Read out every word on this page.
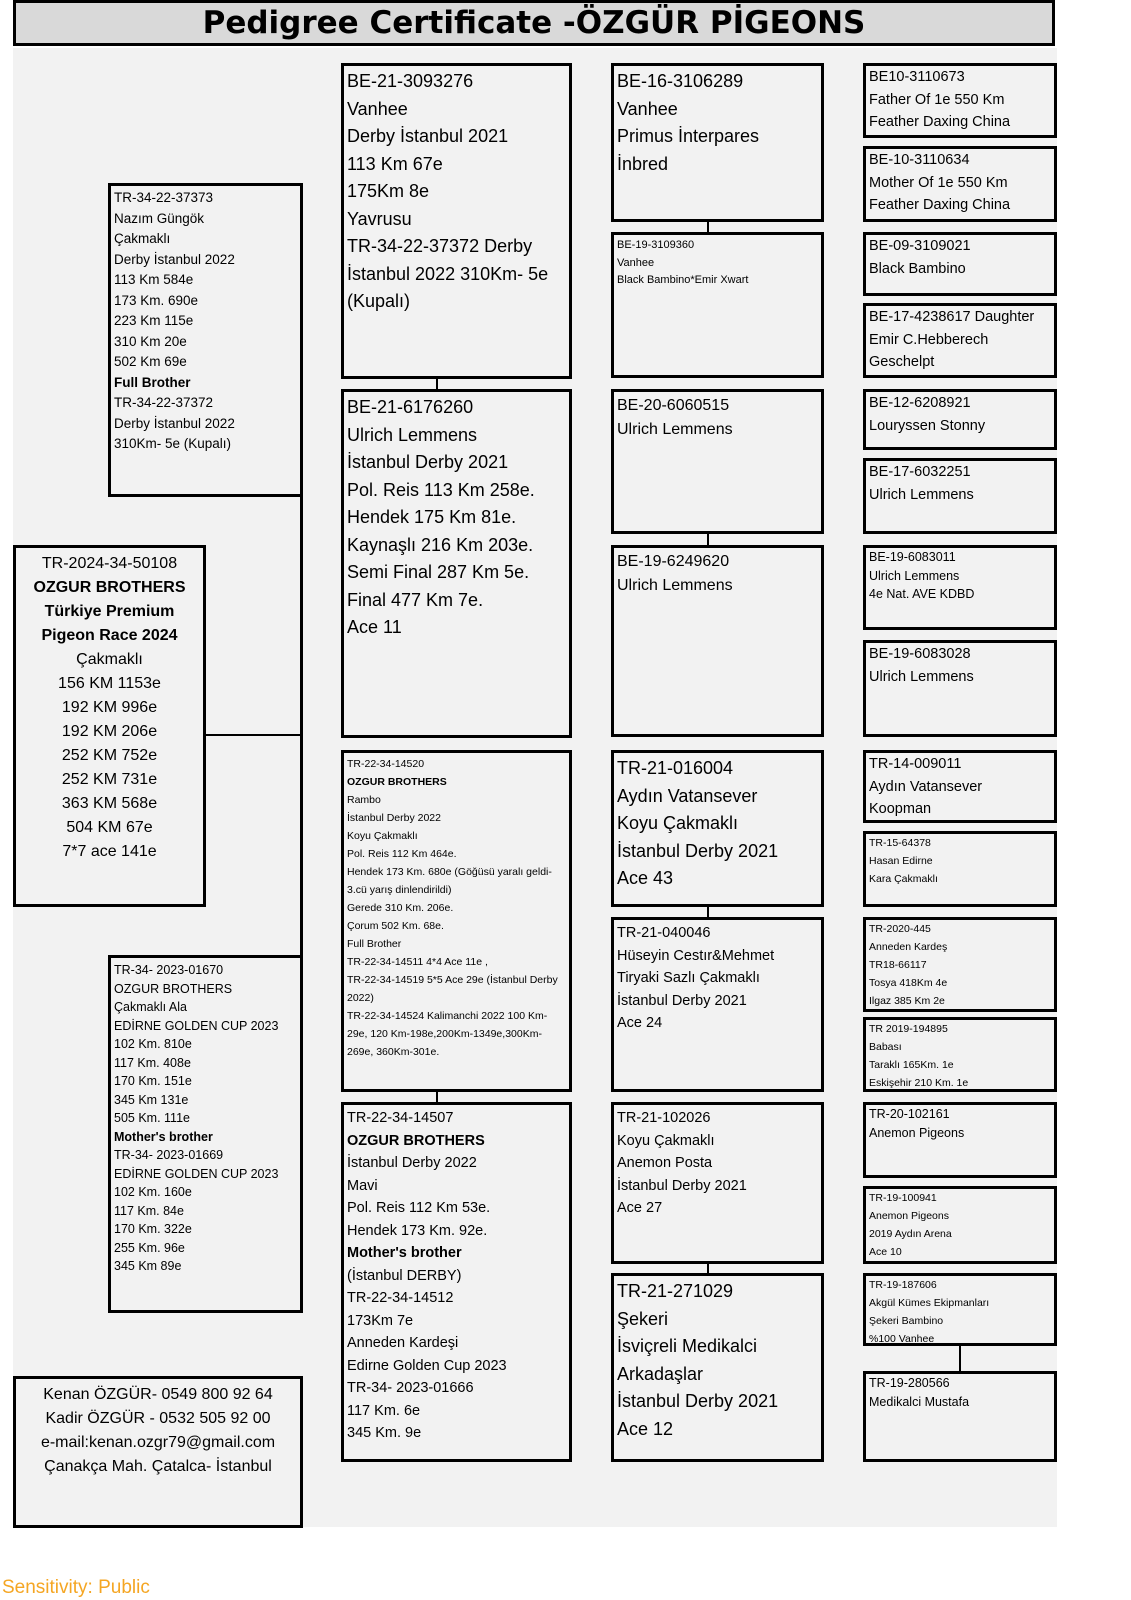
Pedigree Certificate -ÖZGÜR PİGEONS
TR-2024-34-50108
OZGUR BROTHERS
Türkiye Premium
Pigeon Race 2024
Çakmaklı
156 KM 1153e
192 KM 996e
192 KM 206e
252 KM 752e
252 KM 731e
363 KM 568e
504 KM 67e
7*7 ace 141e
TR-34-22-37373
Nazım Güngök
Çakmaklı
Derby İstanbul 2022
113 Km 584e
173 Km. 690e
223 Km 115e
310 Km 20e
502 Km 69e
Full Brother
TR-34-22-37372
Derby İstanbul 2022
310Km- 5e (Kupalı)
TR-34- 2023-01670
OZGUR BROTHERS
Çakmaklı Ala
EDİRNE GOLDEN CUP 2023
102 Km. 810e
117 Km. 408e
170 Km. 151e
345 Km 131e
505 Km. 111e
Mother's brother
TR-34- 2023-01669
EDİRNE GOLDEN CUP 2023
102 Km. 160e
117 Km. 84e
170 Km. 322e
255 Km. 96e
345 Km 89e
Kenan ÖZGÜR- 0549 800 92 64
Kadir ÖZGÜR - 0532 505 92 00
e-mail:kenan.ozgr79@gmail.com
Çanakça Mah. Çatalca- İstanbul
BE-21-3093276
Vanhee
Derby İstanbul 2021
113 Km 67e
175Km 8e
Yavrusu
TR-34-22-37372 Derby İstanbul 2022 310Km- 5e (Kupalı)
BE-21-6176260
Ulrich Lemmens
İstanbul Derby 2021
Pol. Reis 113 Km 258e.
Hendek 175 Km 81e.
Kaynaşlı 216 Km 203e.
Semi Final 287 Km 5e.
Final 477 Km 7e.
Ace 11
TR-22-34-14520
OZGUR BROTHERS
Rambo
İstanbul Derby 2022
Koyu Çakmaklı
Pol. Reis 112 Km 464e.
Hendek 173 Km. 680e (Göğüsü yaralı geldi-3.cü yarış dinlendirildi)
Gerede 310 Km. 206e.
Çorum 502 Km. 68e.
Full Brother
TR-22-34-14511 4*4 Ace 11e ,
TR-22-34-14519 5*5 Ace 29e (İstanbul Derby 2022)
TR-22-34-14524 Kalimanchi 2022 100 Km-29e, 120 Km-198e,200Km-1349e,300Km-269e, 360Km-301e.
TR-22-34-14507
OZGUR BROTHERS
İstanbul Derby 2022
Mavi
Pol. Reis 112 Km 53e.
Hendek 173 Km. 92e.
Mother's brother
(İstanbul DERBY)
TR-22-34-14512
173Km 7e
Anneden Kardeşi
Edirne Golden Cup 2023
TR-34- 2023-01666
117 Km. 6e
345 Km. 9e
BE-16-3106289
Vanhee
Primus İnterpares
İnbred
BE-19-3109360
Vanhee
Black Bambino*Emir Xwart
BE-20-6060515
Ulrich Lemmens
BE-19-6249620
Ulrich Lemmens
TR-21-016004
Aydın Vatansever
Koyu Çakmaklı
İstanbul Derby 2021
Ace 43
TR-21-040046
Hüseyin Cestır&Mehmet Tiryaki Sazlı Çakmaklı
İstanbul Derby 2021
Ace 24
TR-21-102026
Koyu Çakmaklı
Anemon Posta
İstanbul Derby 2021
Ace 27
TR-21-271029
Şekeri
İsviçreli Medikalci
Arkadaşlar
İstanbul Derby 2021
Ace 12
BE10-3110673
Father Of 1e 550 Km
Feather Daxing China
BE-10-3110634
Mother Of 1e 550 Km
Feather Daxing China
BE-09-3109021
Black Bambino
BE-17-4238617 Daughter Emir C.Hebberech Geschelpt
BE-12-6208921
Louryssen Stonny
BE-17-6032251
Ulrich Lemmens
BE-19-6083011
Ulrich Lemmens
4e Nat. AVE KDBD
BE-19-6083028
Ulrich Lemmens
TR-14-009011
Aydın Vatansever
Koopman
TR-15-64378
Hasan Edirne
Kara Çakmaklı
TR-2020-445
Anneden Kardeş
TR18-66117
Tosya 418Km 4e
Ilgaz 385 Km 2e
TR 2019-194895
Babası
Taraklı 165Km. 1e
Eskişehir 210 Km. 1e
TR-20-102161
Anemon Pigeons
TR-19-100941
Anemon Pigeons
2019 Aydın Arena
Ace 10
TR-19-187606
Akgül Kümes Ekipmanları
Şekeri Bambino
%100 Vanhee
TR-19-280566
Medikalci Mustafa
Sensitivity: Public
